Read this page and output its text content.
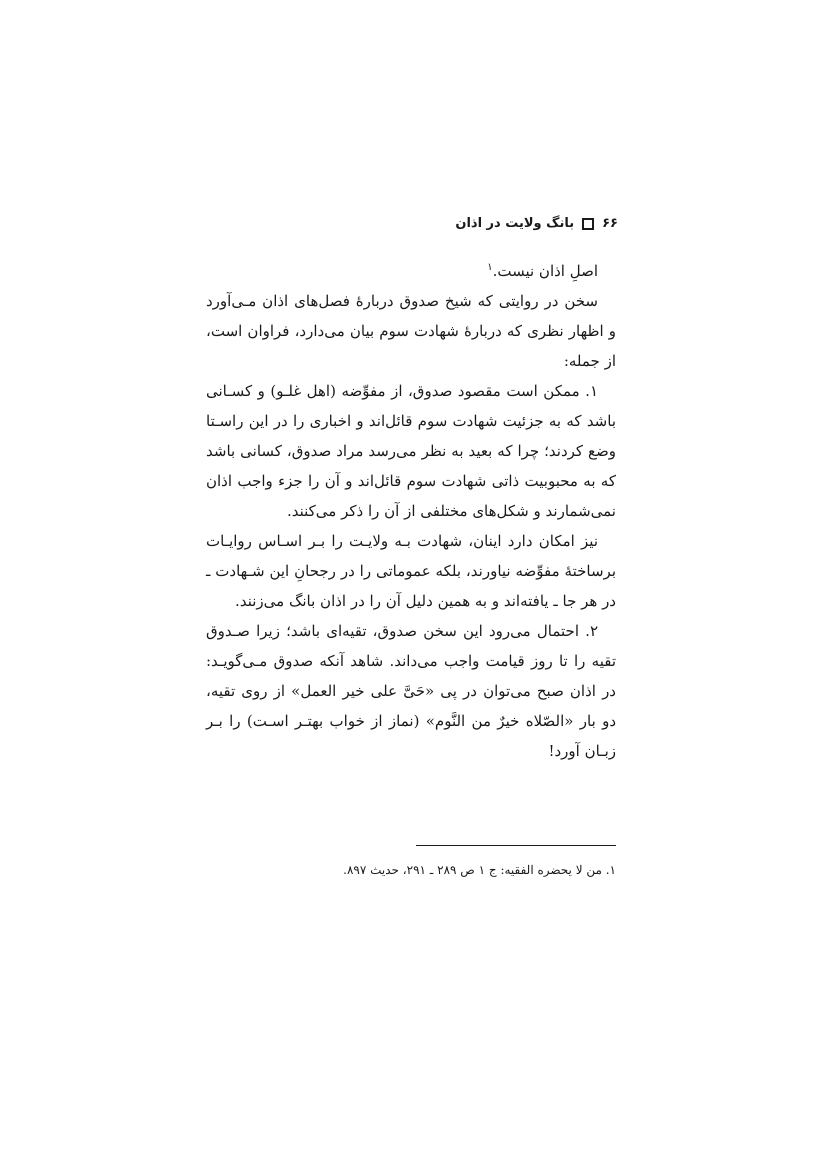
۶۶
بانگ ولایت در اذان

اصلِ اذان نیست.$^۱$

سخن در روایتی که شیخ صدوق دربارهٔ فصل‌های اذان مـی‌آورد و اظهار نظری که دربارهٔ شهادت سوم بیان می‌دارد، فراوان است، از جمله:

۱. ممکن است مقصود صدوق، از مفوِّضه (اهل غلـو) و کسـانی باشد که به جزئیت شهادت سوم قائل‌اند و اخباری را در این راسـتا وضع کردند؛ چرا که بعید به نظر می‌رسد مراد صدوق، کسانی باشد که به محبوبیت ذاتی شهادت سوم قائل‌اند و آن را جزء واجب اذان نمی‌شمارند و شکل‌های مختلفی از آن را ذکر می‌کنند.

نیز امکان دارد اینان، شهادت بـه ولایـت را بـر اسـاس روایـات برساختهٔ مفوِّضه نیاورند، بلکه عموماتی را در رجحانِ این شـهادت ـ در هر جا ـ یافته‌اند و به همین دلیل آن را در اذان بانگ می‌زنند.

۲. احتمال می‌رود این سخن صدوق، تقیه‌ای باشد؛ زیرا صـدوق تقیه را تا روز قیامت واجب می‌داند. شاهد آنکه صدوق مـی‌گویـد: در اذان صبح می‌توان در پی «حَیَّ علی خیر العمل» از روی تقیه، دو بار «الصّلاه خیرٌ من النَّوم» (نماز از خواب بهتـر اسـت) را بـر زبـان آورد!

۱. من لا یحضره الفقیه: ج ۱ ص ۲۸۹ ـ ۲۹۱، حدیث ۸۹۷.
